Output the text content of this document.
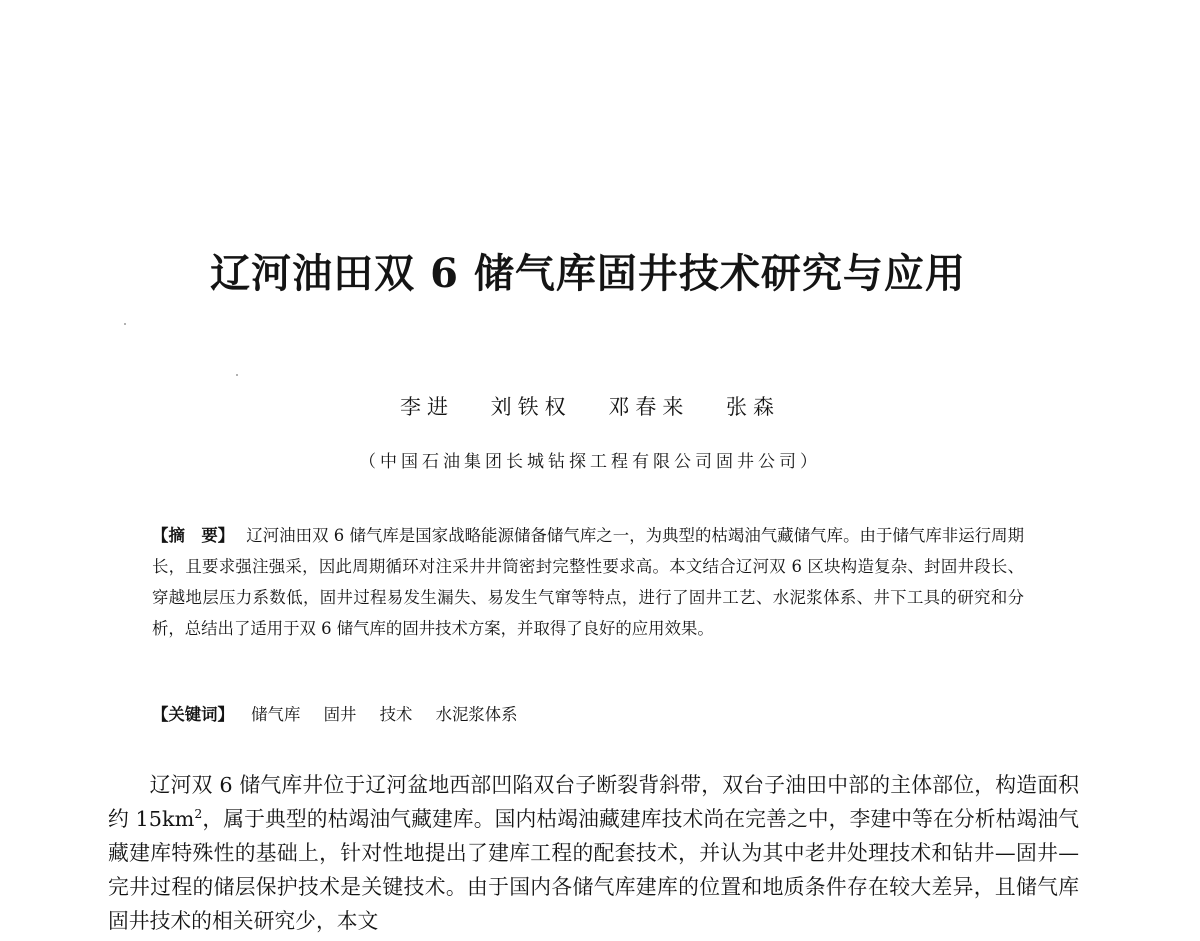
辽河油田双 6 储气库固井技术研究与应用
李进 刘铁权 邓春来 张森
（中国石油集团长城钻探工程有限公司固井公司）

【摘　要】 辽河油田双 6 储气库是国家战略能源储备储气库之一，为典型的枯竭油气藏储气库。由于储气库非运行周期长，且要求强注强采，因此周期循环对注采井井筒密封完整性要求高。本文结合辽河双 6 区块构造复杂、封固井段长、穿越地层压力系数低，固井过程易发生漏失、易发生气窜等特点，进行了固井工艺、水泥浆体系、井下工具的研究和分析，总结出了适用于双 6 储气库的固井技术方案，并取得了良好的应用效果。

【关键词】 储气库 固井 技术 水泥浆体系

辽河双 6 储气库井位于辽河盆地西部凹陷双台子断裂背斜带，双台子油田中部的主体部位，构造面积约 $15km^2$，属于典型的枯竭油气藏建库。国内枯竭油藏建库技术尚在完善之中，李建中等在分析枯竭油气藏建库特殊性的基础上，针对性地提出了建库工程的配套技术，并认为其中老井处理技术和钻井—固井—完井过程的储层保护技术是关键技术。由于国内各储气库建库的位置和地质条件存在较大差异，且储气库固井技术的相关研究少，本文
